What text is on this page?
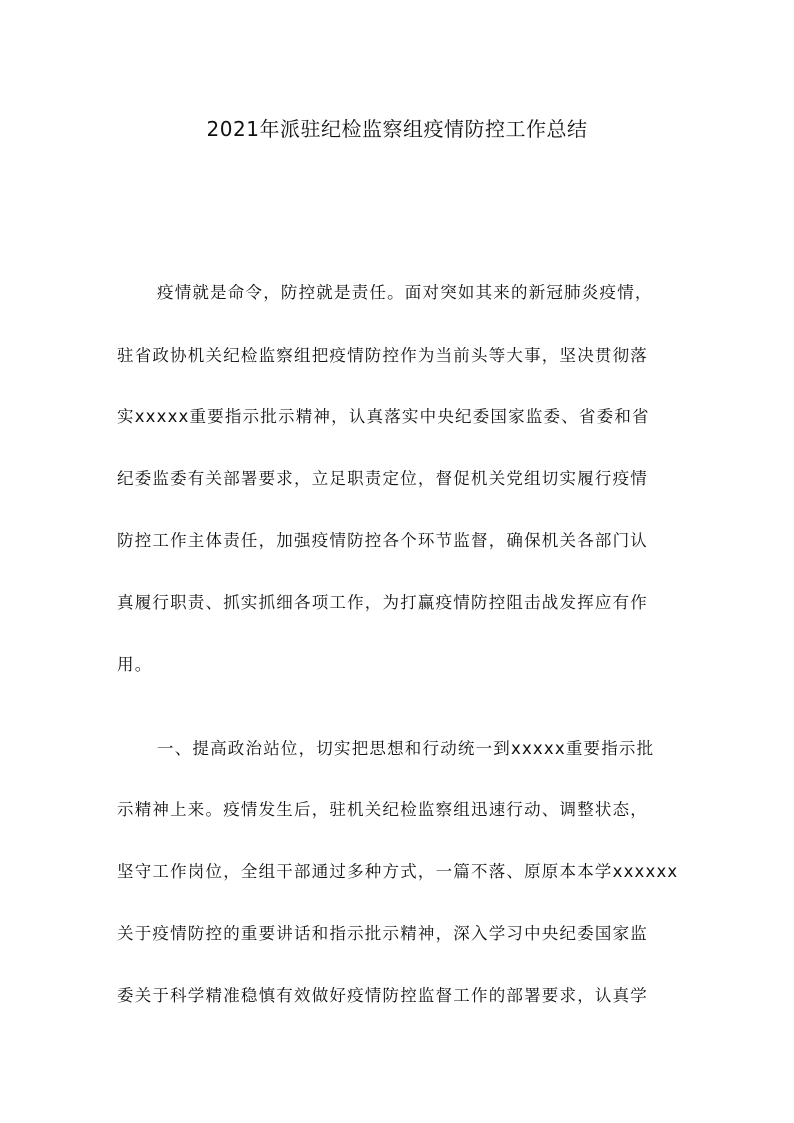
2021年派驻纪检监察组疫情防控工作总结

疫情就是命令，防控就是责任。面对突如其来的新冠肺炎疫情，

驻省政协机关纪检监察组把疫情防控作为当前头等大事，坚决贯彻落

实xxxxx重要指示批示精神，认真落实中央纪委国家监委、省委和省

纪委监委有关部署要求，立足职责定位，督促机关党组切实履行疫情

防控工作主体责任，加强疫情防控各个环节监督，确保机关各部门认

真履行职责、抓实抓细各项工作，为打赢疫情防控阻击战发挥应有作

用。

一、提高政治站位，切实把思想和行动统一到xxxxx重要指示批

示精神上来。疫情发生后，驻机关纪检监察组迅速行动、调整状态，

坚守工作岗位，全组干部通过多种方式，一篇不落、原原本本学xxxxxx

关于疫情防控的重要讲话和指示批示精神，深入学习中央纪委国家监

委关于科学精准稳慎有效做好疫情防控监督工作的部署要求，认真学
